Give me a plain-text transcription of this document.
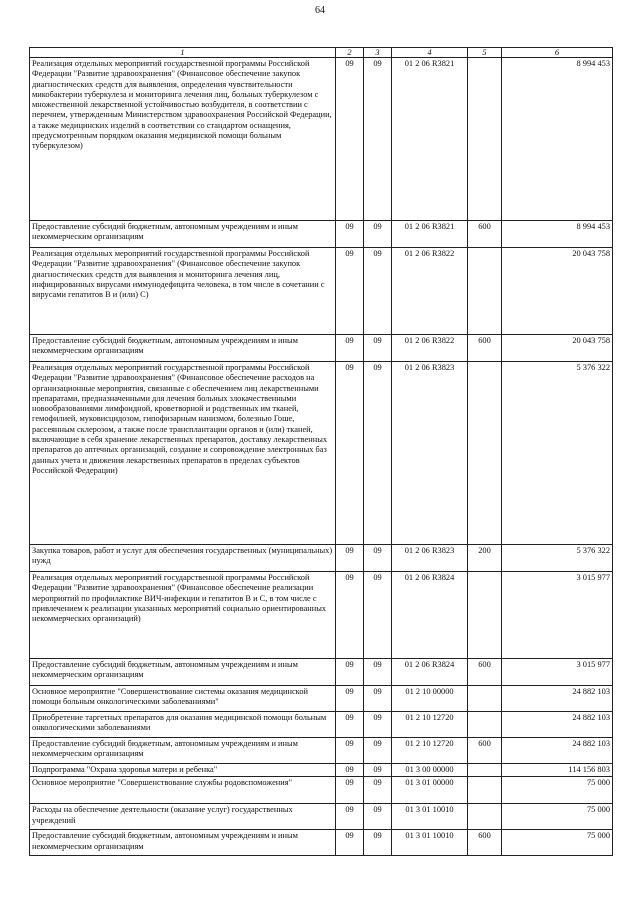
64
1	2	3	4	5	6
Реализация отдельных мероприятий государственной программы Российской Федерации "Развитие здравоохранения" (Финансовое обеспечение закупок диагностических средств для выявления, определения чувствительности микобактерии туберкулеза и мониторинга лечения лиц, больных туберкулезом с множественной лекарственной устойчивостью возбудителя, в соответствии с перечнем, утвержденным Министерством здравоохранения Российской Федерации, а также медицинских изделий в соответствии со стандартом оснащения, предусмотренным порядком оказания медицинской помощи больным туберкулезом)	09	09	01 2 06 R3821		8 994 453
Предоставление субсидий бюджетным, автономным учреждениям и иным некоммерческим организациям	09	09	01 2 06 R3821	600	8 994 453
Реализация отдельных мероприятий государственной программы Российской Федерации "Развитие здравоохранения" (Финансовое обеспечение закупок диагностических средств для выявления и мониторинга лечения лиц, инфицированных вирусами иммунодефицита человека, в том числе в сочетании с вирусами гепатитов В и (или) С)	09	09	01 2 06 R3822		20 043 758
Предоставление субсидий бюджетным, автономным учреждениям и иным некоммерческим организациям	09	09	01 2 06 R3822	600	20 043 758
Реализация отдельных мероприятий государственной программы Российской Федерации "Развитие здравоохранения" (Финансовое обеспечение расходов на организационные мероприятия, связанные с обеспечением лиц лекарственными препаратами, предназначенными для лечения больных злокачественными новообразованиями лимфоидной, кроветворной и родственных им тканей, гемофилией, муковисцидозом, гипофизарным нанизмом, болезнью Гоше, рассеянным склерозом, а также после трансплантации органов и (или) тканей, включающие в себя хранение лекарственных препаратов, доставку лекарственных препаратов до аптечных организаций, создание и сопровождение электронных баз данных учета и движения лекарственных препаратов в пределах субъектов Российской Федерации)	09	09	01 2 06 R3823		5 376 322
Закупка товаров, работ и услуг для обеспечения государственных (муниципальных) нужд	09	09	01 2 06 R3823	200	5 376 322
Реализация отдельных мероприятий государственной программы Российской Федерации "Развитие здравоохранения" (Финансовое обеспечение реализации мероприятий по профилактике ВИЧ-инфекции и гепатитов В и С, в том числе с привлечением к реализации указанных мероприятий социально ориентированных некоммерческих организаций)	09	09	01 2 06 R3824		3 015 977
Предоставление субсидий бюджетным, автономным учреждениям и иным некоммерческим организациям	09	09	01 2 06 R3824	600	3 015 977
Основное мероприятие "Совершенствование системы оказания медицинской помощи больным онкологическими заболеваниями"	09	09	01 2 10 00000		24 882 103
Приобретение таргетных препаратов для оказания медицинской помощи больным онкологическими заболеваниями	09	09	01 2 10 12720		24 882 103
Предоставление субсидий бюджетным, автономным учреждениям и иным некоммерческим организациям	09	09	01 2 10 12720	600	24 882 103
Подпрограмма "Охрана здоровья матери и ребенка"	09	09	01 3 00 00000		114 156 803
Основное мероприятие "Совершенствование службы родовспоможения"	09	09	01 3 01 00000		75 000
Расходы на обеспечение деятельности (оказание услуг) государственных учреждений	09	09	01 3 01 10010		75 000
Предоставление субсидий бюджетным, автономным учреждениям и иным некоммерческим организациям	09	09	01 3 01 10010	600	75 000
